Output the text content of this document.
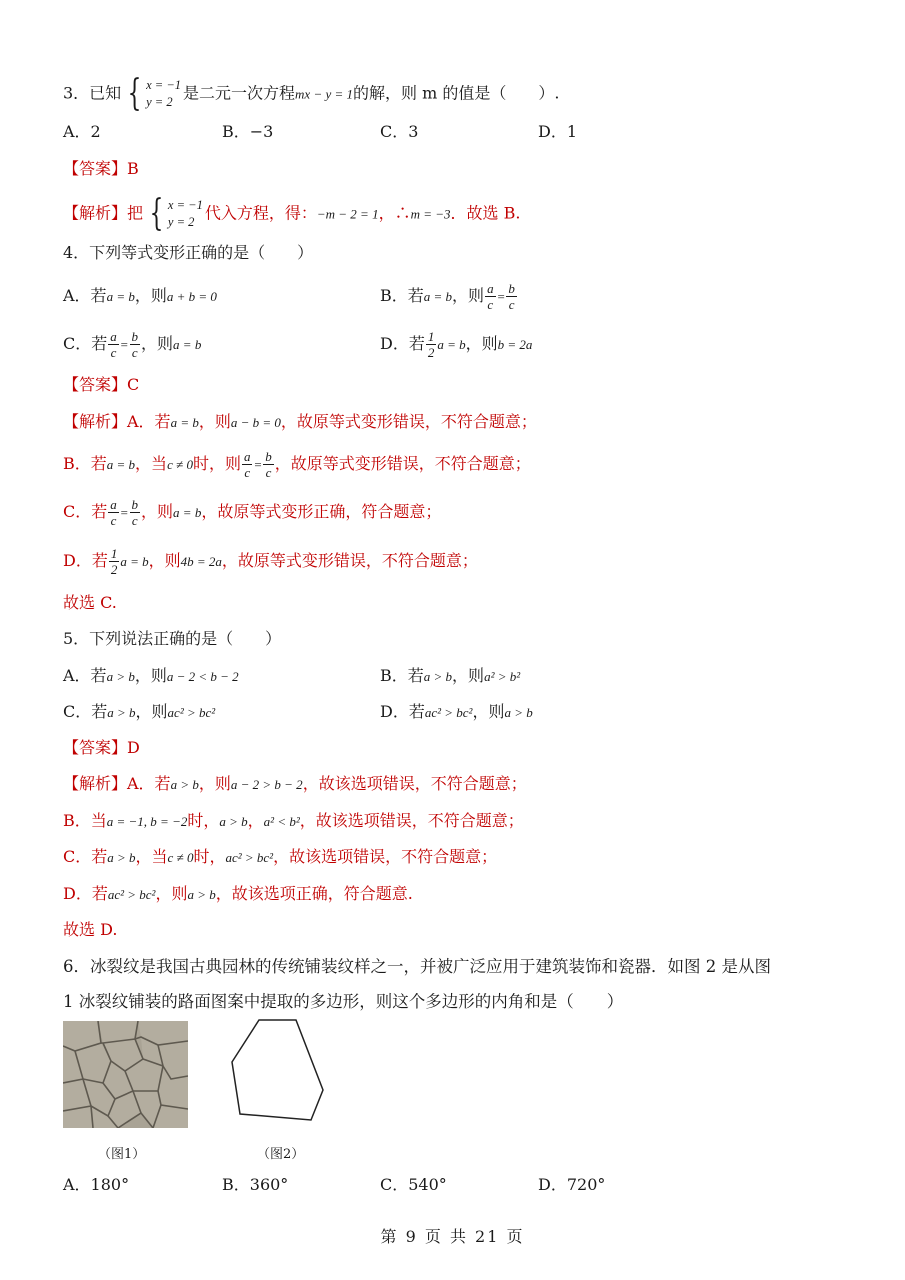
3．已知 { x = −1
y = 2 是二元一次方程mx − y = 1的解，则 m 的值是（　　）.
A．2	B．−3	C．3	D．1
【答案】B
【解析】把 { x = −1
y = 2 代入方程，得：−m − 2 = 1，∴m = −3．故选 B.
4．下列等式变形正确的是（　　）
A．若a = b，则a + b = 0	B．若a = b，则 $\frac{a}{c} = \frac{b}{c}$
C．若 $\frac{a}{c} = \frac{b}{c}$ ，则a = b	D．若 $\frac{1}{2}$ a = b，则b = 2a
【答案】C
【解析】A．若a = b，则a − b = 0，故原等式变形错误，不符合题意；
B．若a = b，当c ≠ 0时，则 $\frac{a}{c} = \frac{b}{c}$ ，故原等式变形错误，不符合题意；
C．若 $\frac{a}{c} = \frac{b}{c}$ ，则a = b，故原等式变形正确，符合题意；
D．若 $\frac{1}{2}$ a = b，则4b = 2a，故原等式变形错误，不符合题意；
故选 C.
5．下列说法正确的是（　　）
A．若a > b，则a − 2 < b − 2	B．若a > b，则a² > b²
C．若a > b，则ac² > bc²	D．若ac² > bc²，则a > b
【答案】D
【解析】A．若a > b，则a − 2 > b − 2，故该选项错误，不符合题意；
B．当a = −1, b = −2时，a > b，a² < b²，故该选项错误，不符合题意；
C．若a > b，当c ≠ 0时，ac² > bc²，故该选项错误，不符合题意；
D．若ac² > bc²，则a > b，故该选项正确，符合题意.
故选 D.
6．冰裂纹是我国古典园林的传统铺装纹样之一，并被广泛应用于建筑装饰和瓷器．如图 2 是从图
1 冰裂纹铺装的路面图案中提取的多边形，则这个多边形的内角和是（　　）
（图1）	（图2）
A．180°	B．360°	C．540°	D．720°
第 9 页 共 21 页
